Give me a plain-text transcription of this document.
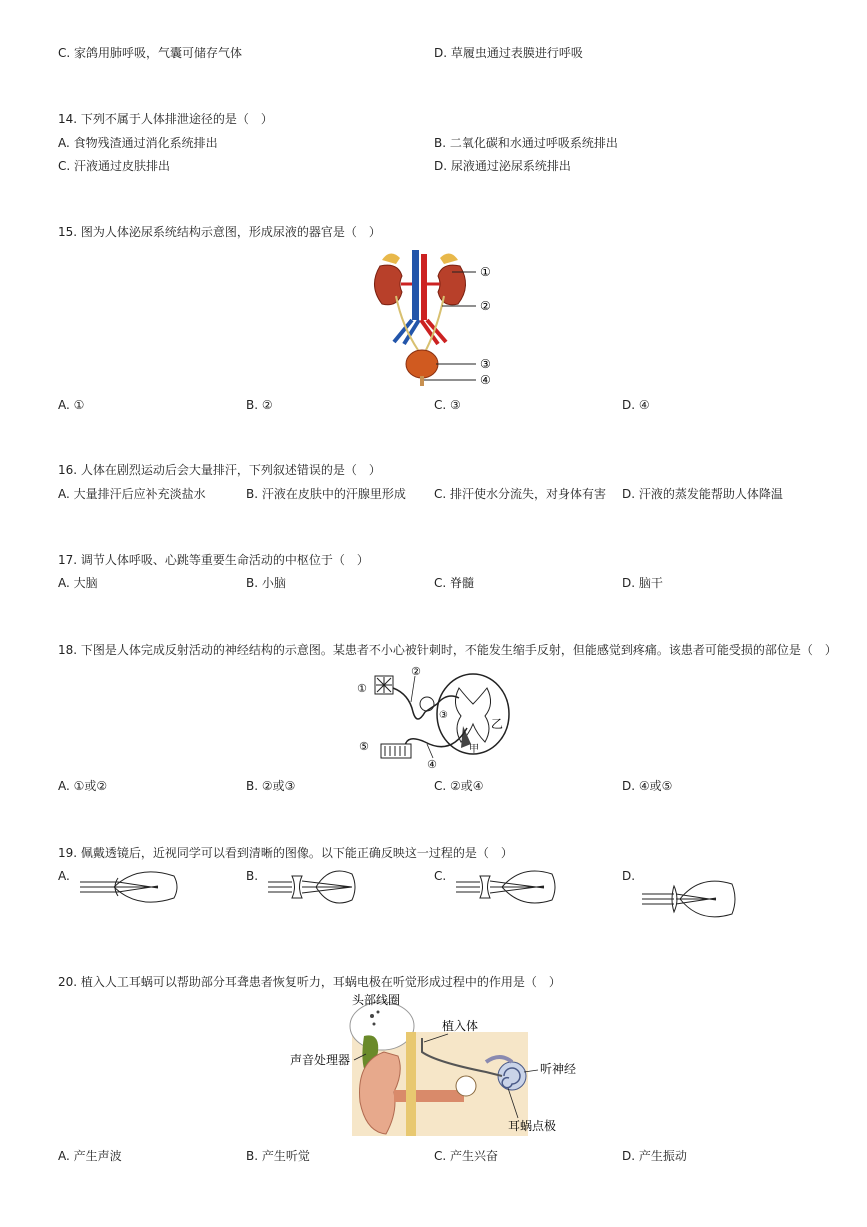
C. 家鸽用肺呼吸，气囊可储存气体	D. 草履虫通过表膜进行呼吸
14. 下列不属于人体排泄途径的是（　）
A. 食物残渣通过消化系统排出	B. 二氧化碳和水通过呼吸系统排出
C. 汗液通过皮肤排出	D. 尿液通过泌尿系统排出
15. 图为人体泌尿系统结构示意图，形成尿液的器官是（　）
①
②
③
④
A. ①	B. ②	C. ③	D. ④
16. 人体在剧烈运动后会大量排汗，下列叙述错误的是（　）
A. 大量排汗后应补充淡盐水	B. 汗液在皮肤中的汗腺里形成 C. 排汗使水分流失，对身体有害 D. 汗液的蒸发能帮助人体降温
17. 调节人体呼吸、心跳等重要生命活动的中枢位于（　）
A. 大脑	B. 小脑	C. 脊髓	D. 脑干
18. 下图是人体完成反射活动的神经结构的示意图。某患者不小心被针刺时，不能发生缩手反射，但能感觉到疼痛。该患者可能受损的部位是（　）
①
②
③
④
⑤	甲
乙
A. ①或②	B. ②或③	C. ②或④	D. ④或⑤
19. 佩戴透镜后，近视同学可以看到清晰的图像。以下能正确反映这一过程的是（　）
A.	B.	C.	D.
20. 植入人工耳蜗可以帮助部分耳聋患者恢复听力，耳蜗电极在听觉形成过程中的作用是（　）
头部线圈
植入体
声音处理器
听神经
耳蜗点极
A. 产生声波	B. 产生听觉	C. 产生兴奋	D. 产生振动
